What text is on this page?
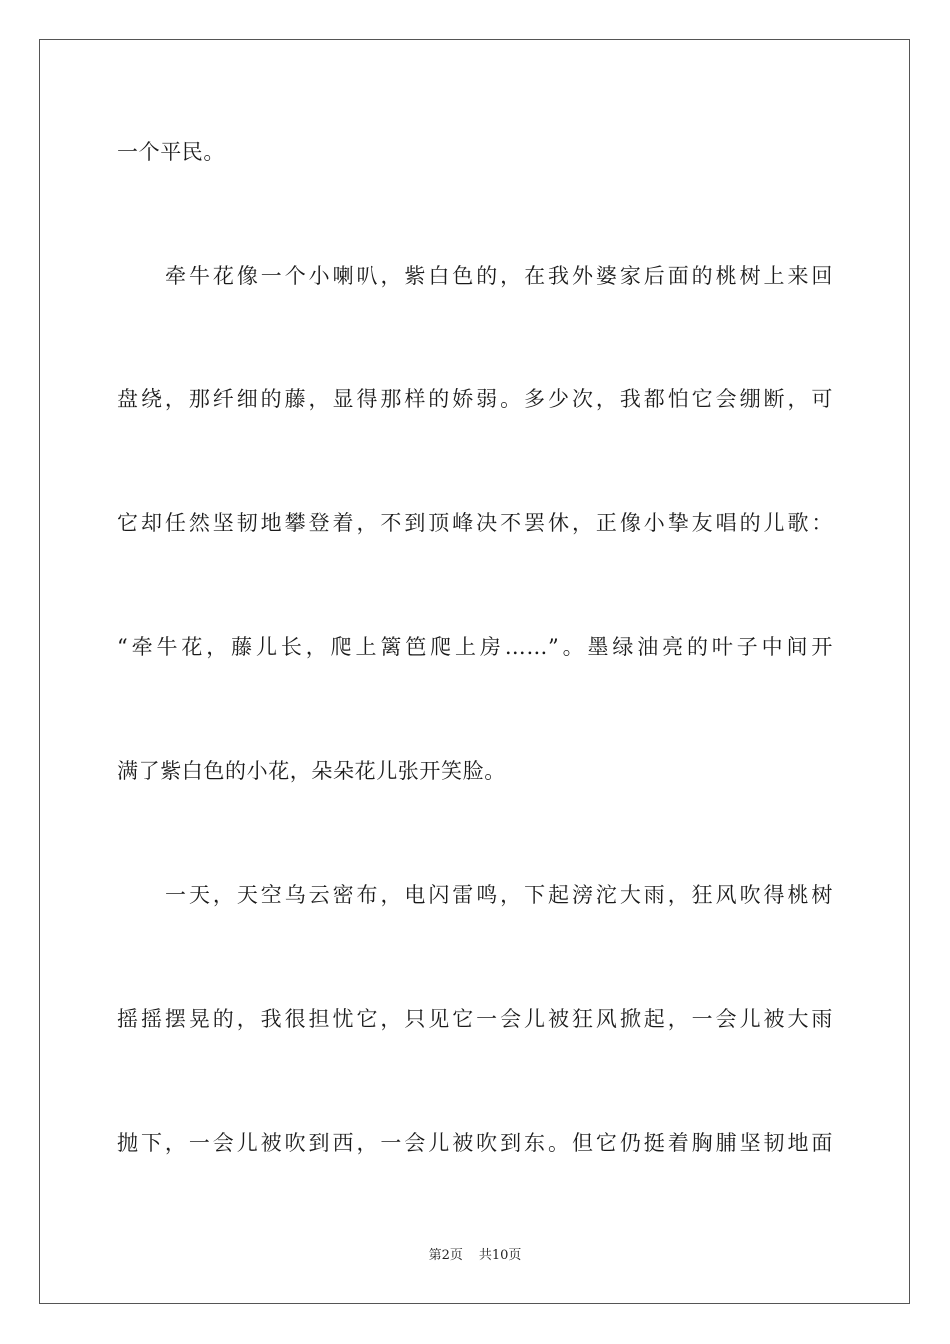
一个平民。
牵牛花像一个小喇叭，紫白色的，在我外婆家后面的桃树上来回
盘绕，那纤细的藤，显得那样的娇弱。多少次，我都怕它会绷断，可
它却任然坚韧地攀登着，不到顶峰决不罢休，正像小挚友唱的儿歌：
“牵牛花，藤儿长，爬上篱笆爬上房……”。墨绿油亮的叶子中间开
满了紫白色的小花，朵朵花儿张开笑脸。
一天，天空乌云密布，电闪雷鸣，下起滂沱大雨，狂风吹得桃树
摇摇摆晃的，我很担忧它，只见它一会儿被狂风掀起，一会儿被大雨
抛下，一会儿被吹到西，一会儿被吹到东。但它仍挺着胸脯坚韧地面
第2页 共10页
